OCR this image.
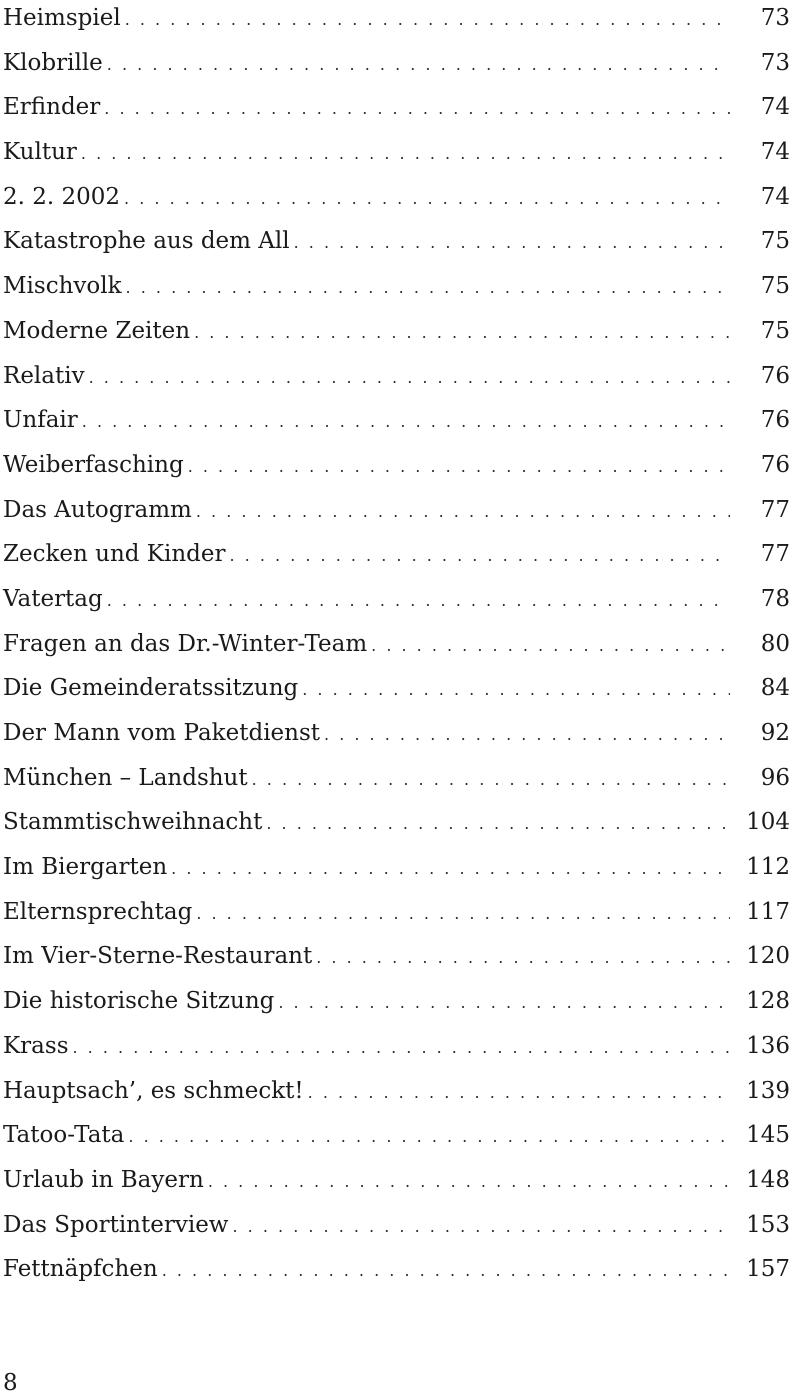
Heimspiel . . .	73
Klobrille . . .	73
Erfinder . . .	74
Kultur . . .	74
2. 2. 2002 . . .	74
Katastrophe aus dem All . . .	75
Mischvolk . . .	75
Moderne Zeiten . . .	75
Relativ . . .	76
Unfair . . .	76
Weiberfasching . . .	76
Das Autogramm . . .	77
Zecken und Kinder . . .	77
Vatertag . . .	78
Fragen an das Dr.-Winter-Team . . .	80
Die Gemeinderatssitzung . . .	84
Der Mann vom Paketdienst . . .	92
München – Landshut . . .	96
Stammtischweihnacht . . .	104
Im Biergarten . . .	112
Elternsprechtag . . .	117
Im Vier-Sterne-Restaurant . . .	120
Die historische Sitzung . . .	128
Krass . . .	136
Hauptsach’, es schmeckt! . . .	139
Tatoo-Tata . . .	145
Urlaub in Bayern . . .	148
Das Sportinterview . . .	153
Fettnäpfchen . . .	157
8
